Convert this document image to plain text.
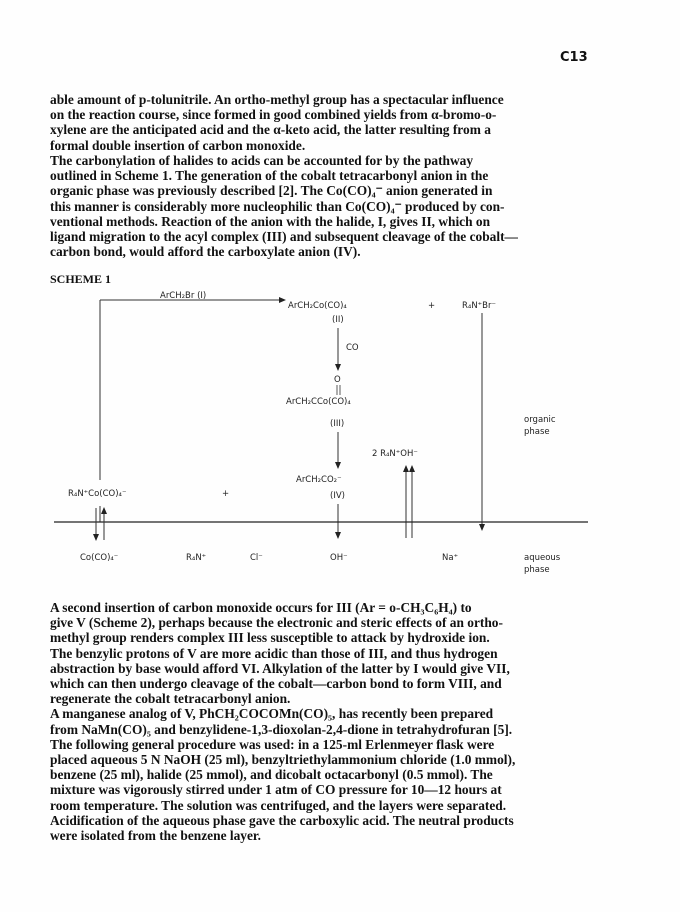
C13

able amount of p-tolunitrile. An ortho-methyl group has a spectacular influence
on the reaction course, since formed in good combined yields from α-bromo-o-
xylene are the anticipated acid and the α-keto acid, the latter resulting from a
formal double insertion of carbon monoxide.

The carbonylation of halides to acids can be accounted for by the pathway
outlined in Scheme 1. The generation of the cobalt tetracarbonyl anion in the
organic phase was previously described [2]. The Co(CO)₄⁻ anion generated in
this manner is considerably more nucleophilic than Co(CO)₄⁻ produced by con-
ventional methods. Reaction of the anion with the halide, I, gives II, which on
ligand migration to the acyl complex (III) and subsequent cleavage of the cobalt—
carbon bond, would afford the carboxylate anion (IV).

SCHEME 1
ArCH₂Br (I)
ArCH₂Co(CO)₄
(II)
+	R₄N⁺Br⁻
CO
O
ArCH₂CCo(CO)₄
(III)
2 R₄N⁺OH⁻
ArCH₂CO₂⁻
(IV)
R₄N⁺Co(CO)₄⁻	+
organic
phase
Co(CO)₄⁻	R₄N⁺	Cl⁻	OH⁻	Na⁺	aqueous
phase

A second insertion of carbon monoxide occurs for III (Ar = o-CH₃C₆H₄) to
give V (Scheme 2), perhaps because the electronic and steric effects of an ortho-
methyl group renders complex III less susceptible to attack by hydroxide ion.
The benzylic protons of V are more acidic than those of III, and thus hydrogen
abstraction by base would afford VI. Alkylation of the latter by I would give VII,
which can then undergo cleavage of the cobalt—carbon bond to form VIII, and
regenerate the cobalt tetracarbonyl anion.
A manganese analog of V, PhCH₂COCOMn(CO)₅, has recently been prepared
from NaMn(CO)₅ and benzylidene-1,3-dioxolan-2,4-dione in tetrahydrofuran [5].
The following general procedure was used: in a 125-ml Erlenmeyer flask were
placed aqueous 5 N NaOH (25 ml), benzyltriethylammonium chloride (1.0 mmol),
benzene (25 ml), halide (25 mmol), and dicobalt octacarbonyl (0.5 mmol). The
mixture was vigorously stirred under 1 atm of CO pressure for 10—12 hours at
room temperature. The solution was centrifuged, and the layers were separated.
Acidification of the aqueous phase gave the carboxylic acid. The neutral products
were isolated from the benzene layer.
